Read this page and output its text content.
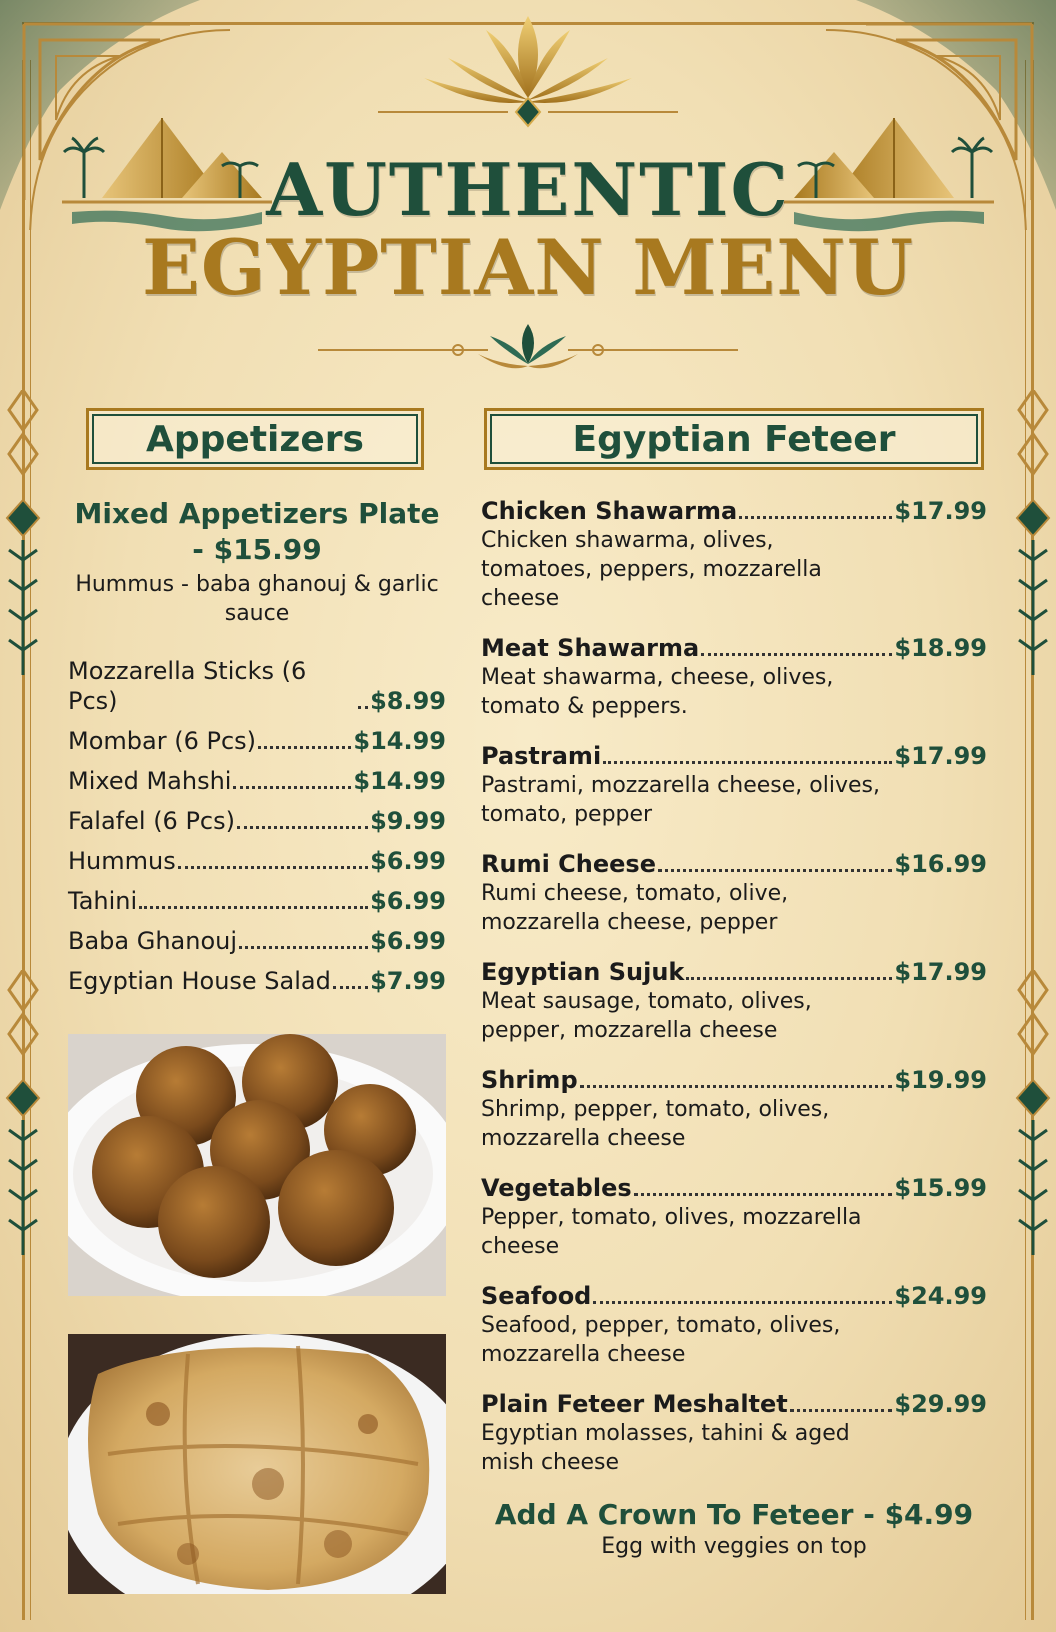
AUTHENTIC
EGYPTIAN MENU
Appetizers	Egyptian Feteer
Mixed Appetizers Plate - $15.99
Hummus - baba ghanouj & garlic sauce
Mozzarella Sticks (6 Pcs)	$8.99
Mombar (6 Pcs)	$14.99
Mixed Mahshi	$14.99
Falafel (6 Pcs)	$9.99
Hummus	$6.99
Tahini	$6.99
Baba Ghanouj	$6.99
Egyptian House Salad $7.99
Chicken Shawarma	$17.99
Chicken shawarma, olives, tomatoes, peppers, mozzarella cheese
Meat Shawarma	$18.99
Meat shawarma, cheese, olives, tomato & peppers.
Pastrami	$17.99
Pastrami, mozzarella cheese, olives, tomato, pepper
Rumi Cheese	$16.99
Rumi cheese, tomato, olive, mozzarella cheese, pepper
Egyptian Sujuk	$17.99
Meat sausage, tomato, olives, pepper, mozzarella cheese
Shrimp	$19.99
Shrimp, pepper, tomato, olives, mozzarella cheese
Vegetables	$15.99
Pepper, tomato, olives, mozzarella cheese
Seafood	$24.99
Seafood, pepper, tomato, olives, mozzarella cheese
Plain Feteer Meshaltet	$29.99
Egyptian molasses, tahini & aged mish cheese
Add A Crown To Feteer - $4.99
Egg with veggies on top
